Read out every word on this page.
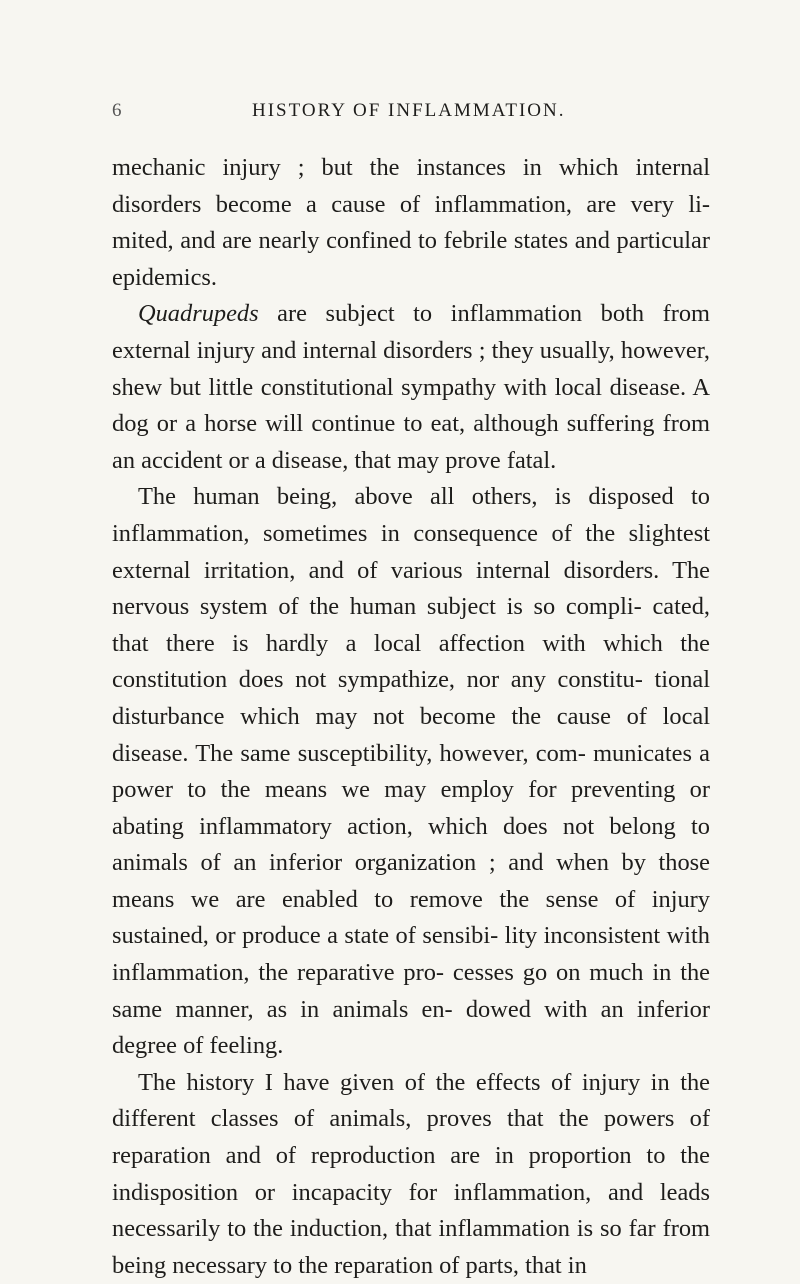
6	HISTORY OF INFLAMMATION.

mechanic injury ; but the instances in which internal disorders become a cause of inflammation, are very li- mited, and are nearly confined to febrile states and particular epidemics.

Quadrupeds are subject to inflammation both from external injury and internal disorders ; they usually, however, shew but little constitutional sympathy with local disease. A dog or a horse will continue to eat, although suffering from an accident or a disease, that may prove fatal.

The human being, above all others, is disposed to inflammation, sometimes in consequence of the slightest external irritation, and of various internal disorders. The nervous system of the human subject is so compli- cated, that there is hardly a local affection with which the constitution does not sympathize, nor any constitu- tional disturbance which may not become the cause of local disease. The same susceptibility, however, com- municates a power to the means we may employ for preventing or abating inflammatory action, which does not belong to animals of an inferior organization ; and when by those means we are enabled to remove the sense of injury sustained, or produce a state of sensibi- lity inconsistent with inflammation, the reparative pro- cesses go on much in the same manner, as in animals en- dowed with an inferior degree of feeling.

The history I have given of the effects of injury in the different classes of animals, proves that the powers of reparation and of reproduction are in proportion to the indisposition or incapacity for inflammation, and leads necessarily to the induction, that inflammation is so far from being necessary to the reparation of parts, that in
